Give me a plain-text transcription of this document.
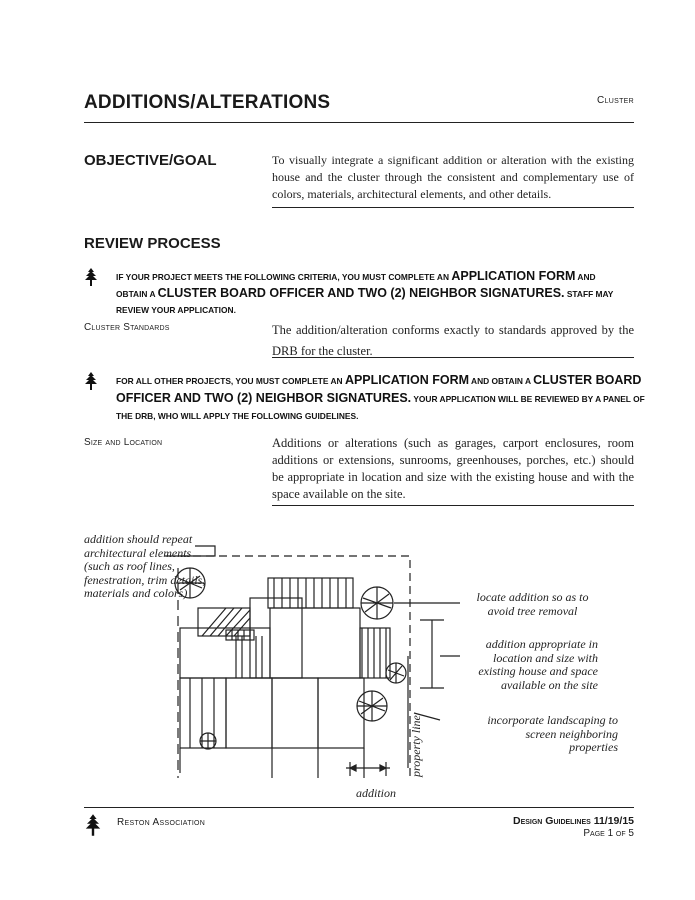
ADDITIONS/ALTERATIONS	Cluster
OBJECTIVE/GOAL	To visually integrate a significant addition or alteration with the existing house and the cluster through the consistent and complementary use of colors, materials, architectural elements, and other details.
REVIEW PROCESS
IF YOUR PROJECT MEETS THE FOLLOWING CRITERIA, YOU MUST COMPLETE AN APPLICATION FORM AND OBTAIN A CLUSTER BOARD OFFICER AND TWO (2) NEIGHBOR SIGNATURES. STAFF MAY REVIEW YOUR APPLICATION.
Cluster Standards	The addition/alteration conforms exactly to standards approved by the DRB for the cluster.
FOR ALL OTHER PROJECTS, YOU MUST COMPLETE AN APPLICATION FORM AND OBTAIN A CLUSTER BOARD OFFICER AND TWO (2) NEIGHBOR SIGNATURES. YOUR APPLICATION WILL BE REVIEWED BY A PANEL OF THE DRB, WHO WILL APPLY THE FOLLOWING GUIDELINES.
Size and Location	Additions or alterations (such as garages, carport enclosures, room additions or extensions, sunrooms, greenhouses, porches, etc.) should be appropriate in location and size with the existing house and with the space available on the site.
addition should repeat architectural elements (such as roof lines, fenestration, trim details, materials and colors)	locate addition so as to avoid tree removal
addition appropriate in location and size with existing house and space available on the site
incorporate landscaping to screen neighboring properties
property line
addition
Reston Association	Design Guidelines 11/19/15
Page 1 of 5
